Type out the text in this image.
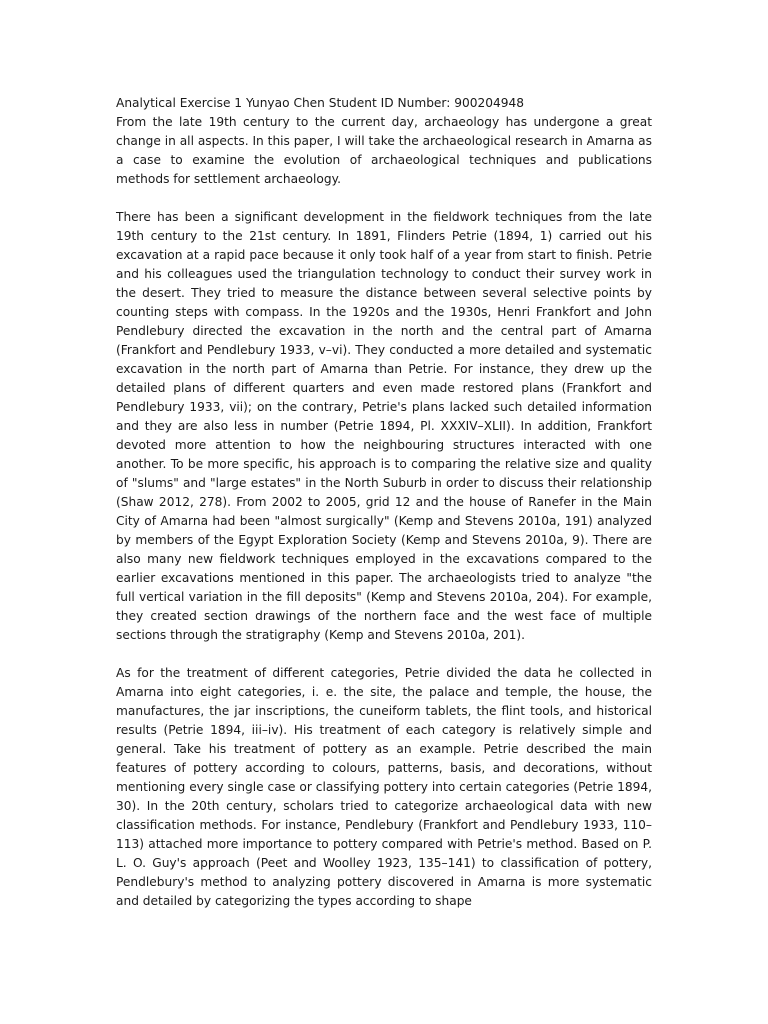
Analytical Exercise 1 Yunyao Chen Student ID Number: 900204948

From the late 19th century to the current day, archaeology has undergone a great change in all aspects. In this paper, I will take the archaeological research in Amarna as a case to examine the evolution of archaeological techniques and publications methods for settlement archaeology.

There has been a significant development in the fieldwork techniques from the late 19th century to the 21st century. In 1891, Flinders Petrie (1894, 1) carried out his excavation at a rapid pace because it only took half of a year from start to finish. Petrie and his colleagues used the triangulation technology to conduct their survey work in the desert. They tried to measure the distance between several selective points by counting steps with compass. In the 1920s and the 1930s, Henri Frankfort and John Pendlebury directed the excavation in the north and the central part of Amarna (Frankfort and Pendlebury 1933, v–vi). They conducted a more detailed and systematic excavation in the north part of Amarna than Petrie. For instance, they drew up the detailed plans of different quarters and even made restored plans (Frankfort and Pendlebury 1933, vii); on the contrary, Petrie's plans lacked such detailed information and they are also less in number (Petrie 1894, Pl. XXXIV–XLII). In addition, Frankfort devoted more attention to how the neighbouring structures interacted with one another. To be more specific, his approach is to comparing the relative size and quality of "slums" and "large estates" in the North Suburb in order to discuss their relationship (Shaw 2012, 278). From 2002 to 2005, grid 12 and the house of Ranefer in the Main City of Amarna had been "almost surgically" (Kemp and Stevens 2010a, 191) analyzed by members of the Egypt Exploration Society (Kemp and Stevens 2010a, 9). There are also many new fieldwork techniques employed in the excavations compared to the earlier excavations mentioned in this paper. The archaeologists tried to analyze "the full vertical variation in the fill deposits" (Kemp and Stevens 2010a, 204). For example, they created section drawings of the northern face and the west face of multiple sections through the stratigraphy (Kemp and Stevens 2010a, 201).

As for the treatment of different categories, Petrie divided the data he collected in Amarna into eight categories, i. e. the site, the palace and temple, the house, the manufactures, the jar inscriptions, the cuneiform tablets, the flint tools, and historical results (Petrie 1894, iii–iv). His treatment of each category is relatively simple and general. Take his treatment of pottery as an example. Petrie described the main features of pottery according to colours, patterns, basis, and decorations, without mentioning every single case or classifying pottery into certain categories (Petrie 1894, 30). In the 20th century, scholars tried to categorize archaeological data with new classification methods. For instance, Pendlebury (Frankfort and Pendlebury 1933, 110–113) attached more importance to pottery compared with Petrie's method. Based on P. L. O. Guy's approach (Peet and Woolley 1923, 135–141) to classification of pottery, Pendlebury's method to analyzing pottery discovered in Amarna is more systematic and detailed by categorizing the types according to shape
